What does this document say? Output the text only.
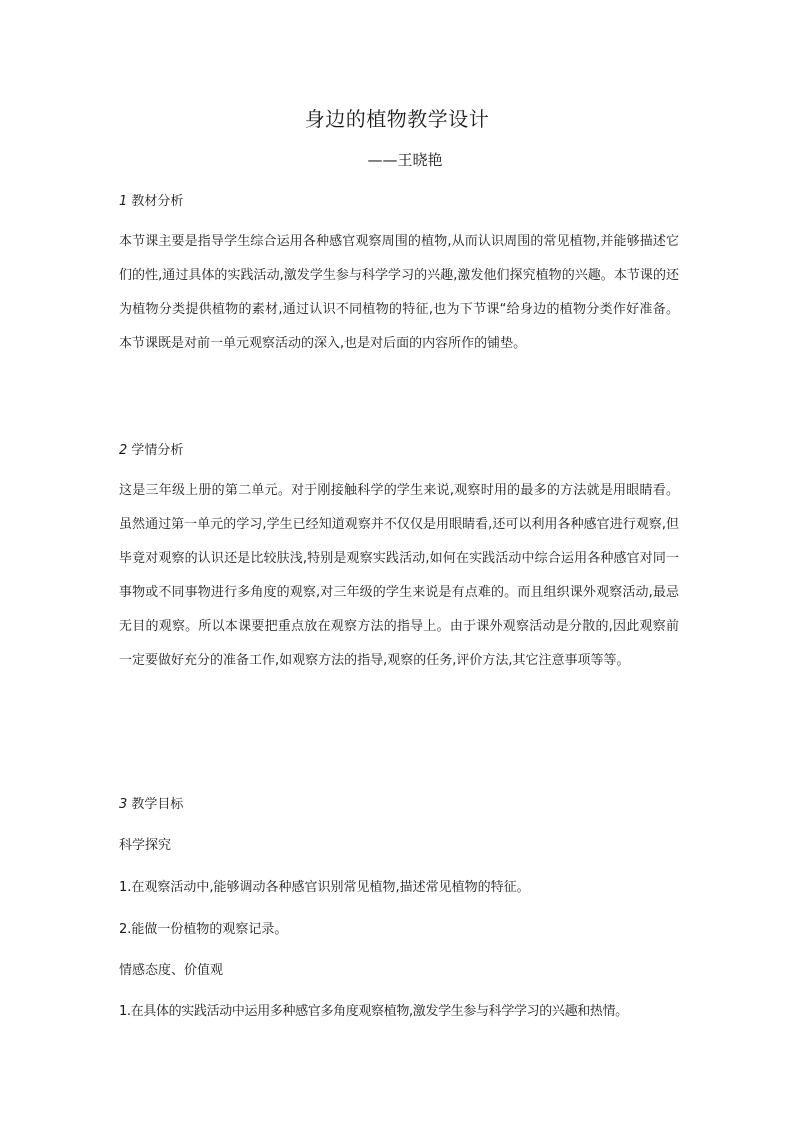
身边的植物教学设计
——王晓艳
1 教材分析

本节课主要是指导学生综合运用各种感官观察周围的植物,从而认识周围的常见植物,并能够描述它们的性,通过具体的实践活动,激发学生参与科学学习的兴趣,激发他们探究植物的兴趣。本节课的还为植物分类提供植物的素材,通过认识不同植物的特征,也为下节课“给身边的植物分类作好准备。本节课既是对前一单元观察活动的深入,也是对后面的内容所作的铺垫。

2 学情分析

这是三年级上册的第二单元。对于刚接触科学的学生来说,观察时用的最多的方法就是用眼睛看。虽然通过第一单元的学习,学生已经知道观察并不仅仅是用眼睛看,还可以利用各种感官进行观察,但毕竟对观察的认识还是比较肤浅,特别是观察实践活动,如何在实践活动中综合运用各种感官对同一事物或不同事物进行多角度的观察,对三年级的学生来说是有点难的。而且组织课外观察活动,最忌无目的观察。所以本课要把重点放在观察方法的指导上。由于课外观察活动是分散的,因此观察前一定要做好充分的准备工作,如观察方法的指导,观察的任务,评价方法,其它注意事项等等。

3 教学目标
科学探究
1.在观察活动中,能够调动各种感官识别常见植物,描述常见植物的特征。
2.能做一份植物的观察记录。
情感态度、价值观
1.在具体的实践活动中运用多种感官多角度观察植物,激发学生参与科学学习的兴趣和热情。
